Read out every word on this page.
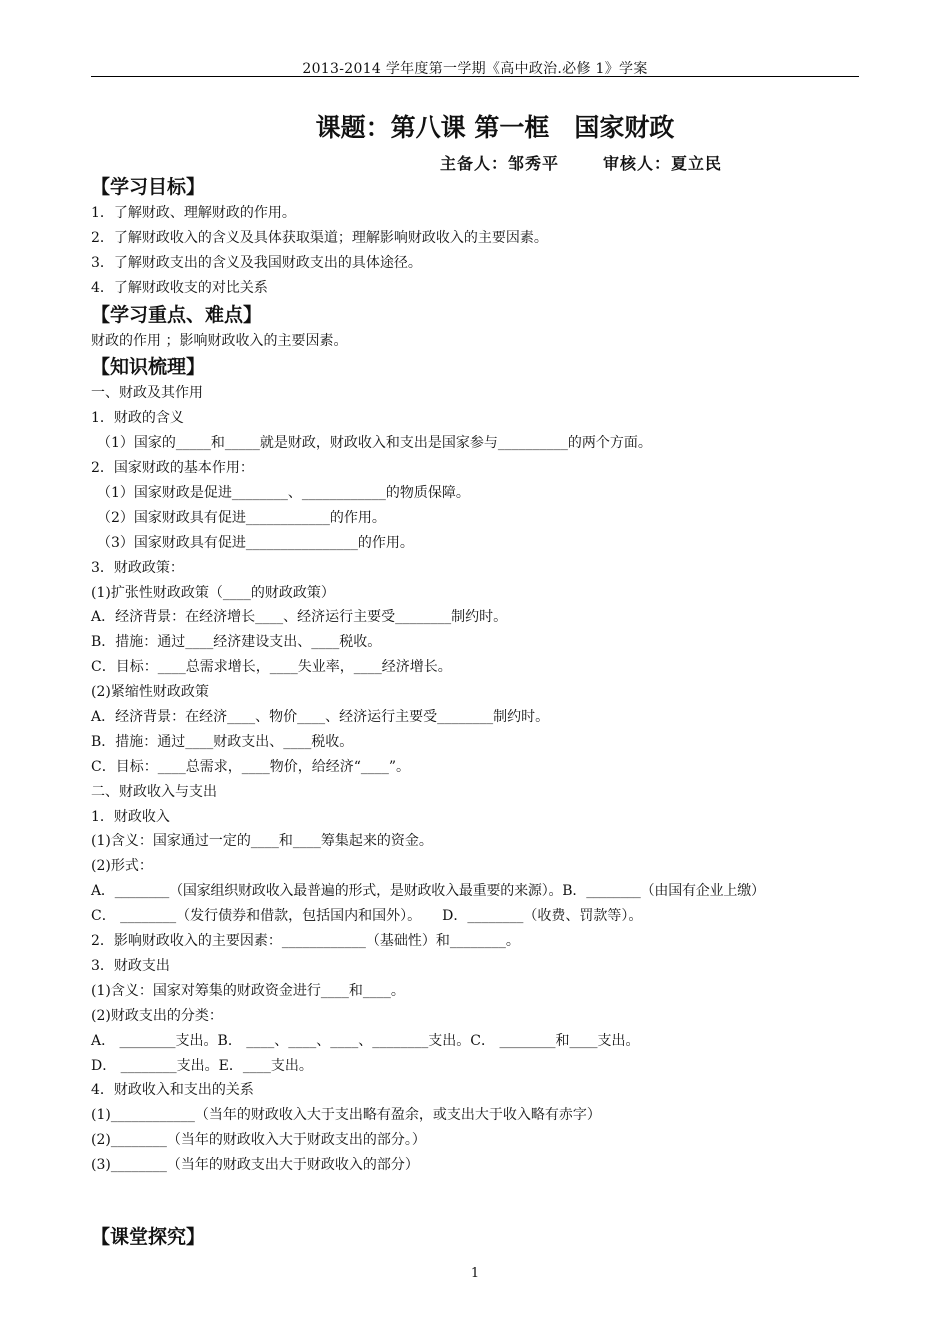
2013-2014 学年度第一学期《高中政治.必修 1》学案
课题：第八课 第一框　国家财政
主备人：邹秀平	审核人：夏立民
【学习目标】
1．了解财政、理解财政的作用。
2．了解财政收入的含义及具体获取渠道；理解影响财政收入的主要因素。
3．了解财政支出的含义及我国财政支出的具体途径。
4．了解财政收支的对比关系
【学习重点、难点】
财政的作用 ；影响财政收入的主要因素。
【知识梳理】
一、财政及其作用
1．财政的含义
（1）国家的_____和_____就是财政，财政收入和支出是国家参与__________的两个方面。
2．国家财政的基本作用：
（1）国家财政是促进________、____________的物质保障。
（2）国家财政具有促进____________的作用。
（3）国家财政具有促进________________的作用。
3．财政政策：
(1)扩张性财政政策（____的财政政策）
A．经济背景：在经济增长____、经济运行主要受________制约时。
B．措施：通过____经济建设支出、____税收。
C．目标：____总需求增长，____失业率，____经济增长。
(2)紧缩性财政政策
A．经济背景：在经济____、物价____、经济运行主要受________制约时。
B．措施：通过____财政支出、____税收。
C．目标：____总需求，____物价，给经济“____”。
二、财政收入与支出
1．财政收入
(1)含义：国家通过一定的____和____筹集起来的资金。
(2)形式：
A．________（国家组织财政收入最普遍的形式，是财政收入最重要的来源）。B．________（由国有企业上缴）
C． ________（发行债券和借款，包括国内和国外）。　　D．________（收费、罚款等）。
2．影响财政收入的主要因素：____________（基础性）和________。
3．财政支出
(1)含义：国家对筹集的财政资金进行____和____。
(2)财政支出的分类：
A． ________支出。B． ____、____、____、________支出。C． ________和____支出。
D． ________支出。E．____支出。
4．财政收入和支出的关系
(1)____________（当年的财政收入大于支出略有盈余，或支出大于收入略有赤字）
(2)________（当年的财政收入大于财政支出的部分。）
(3)________（当年的财政支出大于财政收入的部分）
【课堂探究】
1
